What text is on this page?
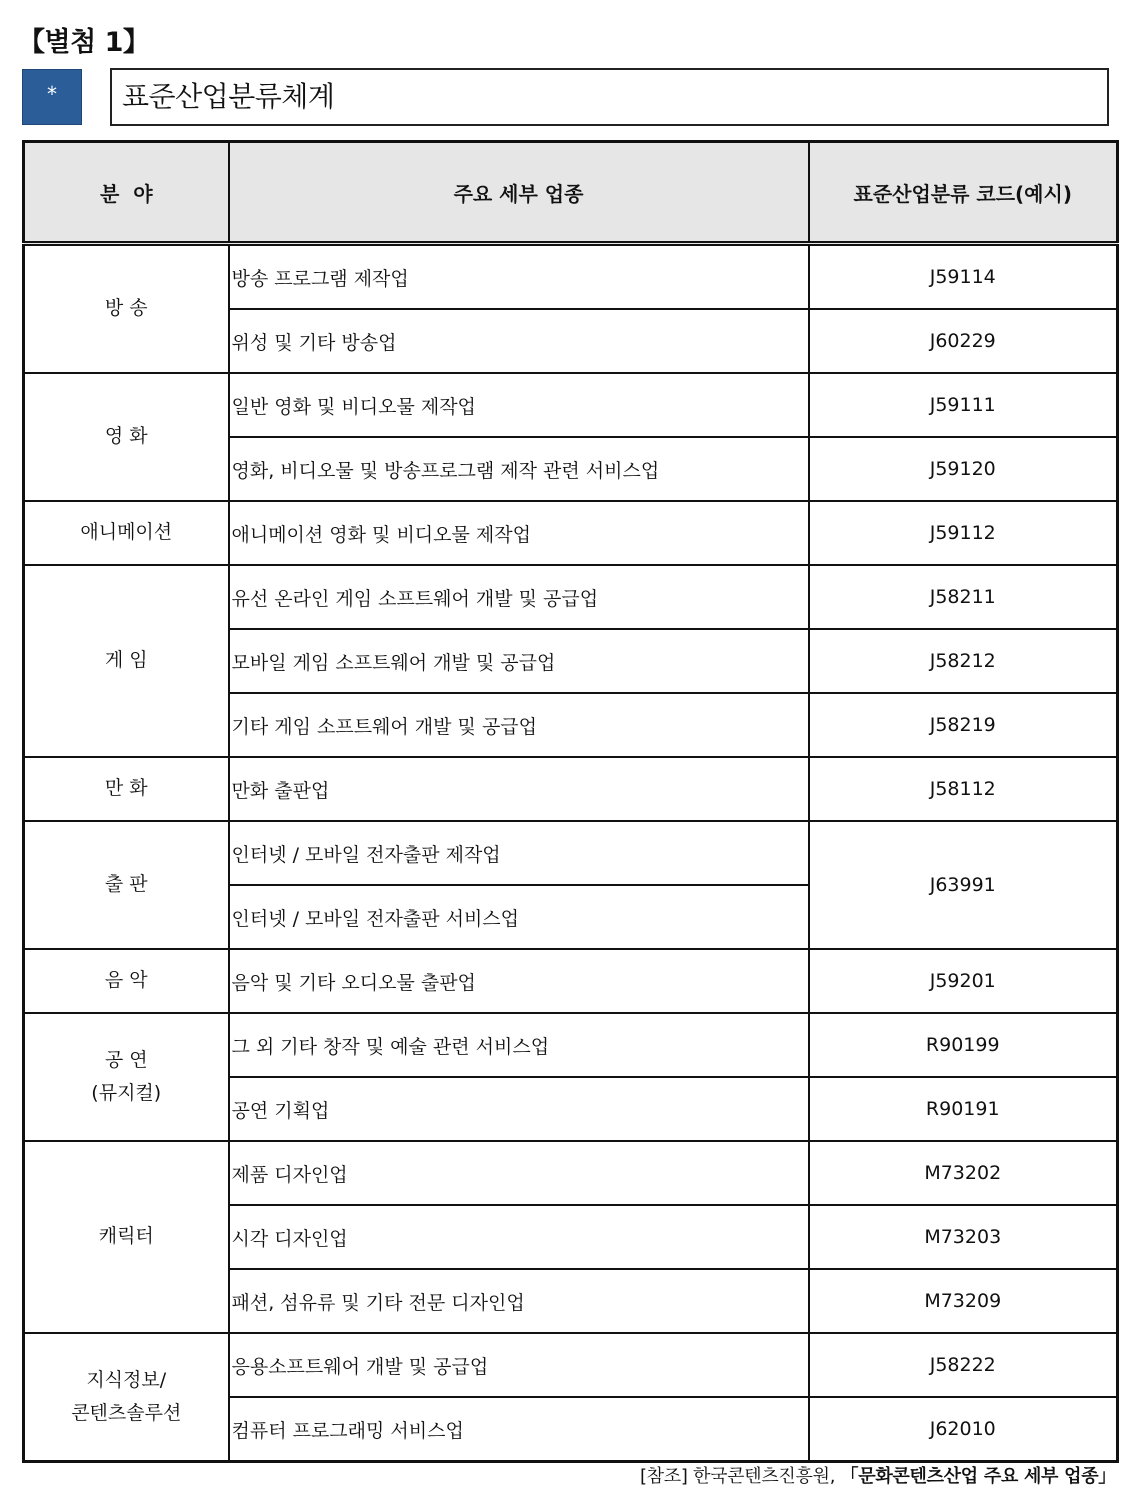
【별첨 1】
*	표준산업분류체계
분  야	주요 세부 업종	표준산업분류 코드(예시)

방 송	방송 프로그램 제작업	J59114
	위성 및 기타 방송업	J60229

영 화	일반 영화 및 비디오물 제작업	J59111
	영화, 비디오물 및 방송프로그램 제작 관련 서비스업	J59120

애니메이션	애니메이션 영화 및 비디오물 제작업	J59112

게 임	유선 온라인 게임 소프트웨어 개발 및 공급업	J58211
	모바일 게임 소프트웨어 개발 및 공급업	J58212
	기타 게임 소프트웨어 개발 및 공급업	J58219

만 화	만화 출판업	J58112

출 판	인터넷 / 모바일 전자출판 제작업	J63991
	인터넷 / 모바일 전자출판 서비스업	

음 악	음악 및 기타 오디오물 출판업	J59201

공 연
(뮤지컬)	그 외 기타 창작 및 예술 관련 서비스업	R90199
	공연 기획업	R90191

캐릭터	제품 디자인업	M73202
	시각 디자인업	M73203
	패션, 섬유류 및 기타 전문 디자인업	M73209

지식정보/
콘텐츠솔루션	응용소프트웨어 개발 및 공급업	J58222
	컴퓨터 프로그래밍 서비스업	J62010
[참조] 한국콘텐츠진흥원, 「문화콘텐츠산업 주요 세부 업종」
